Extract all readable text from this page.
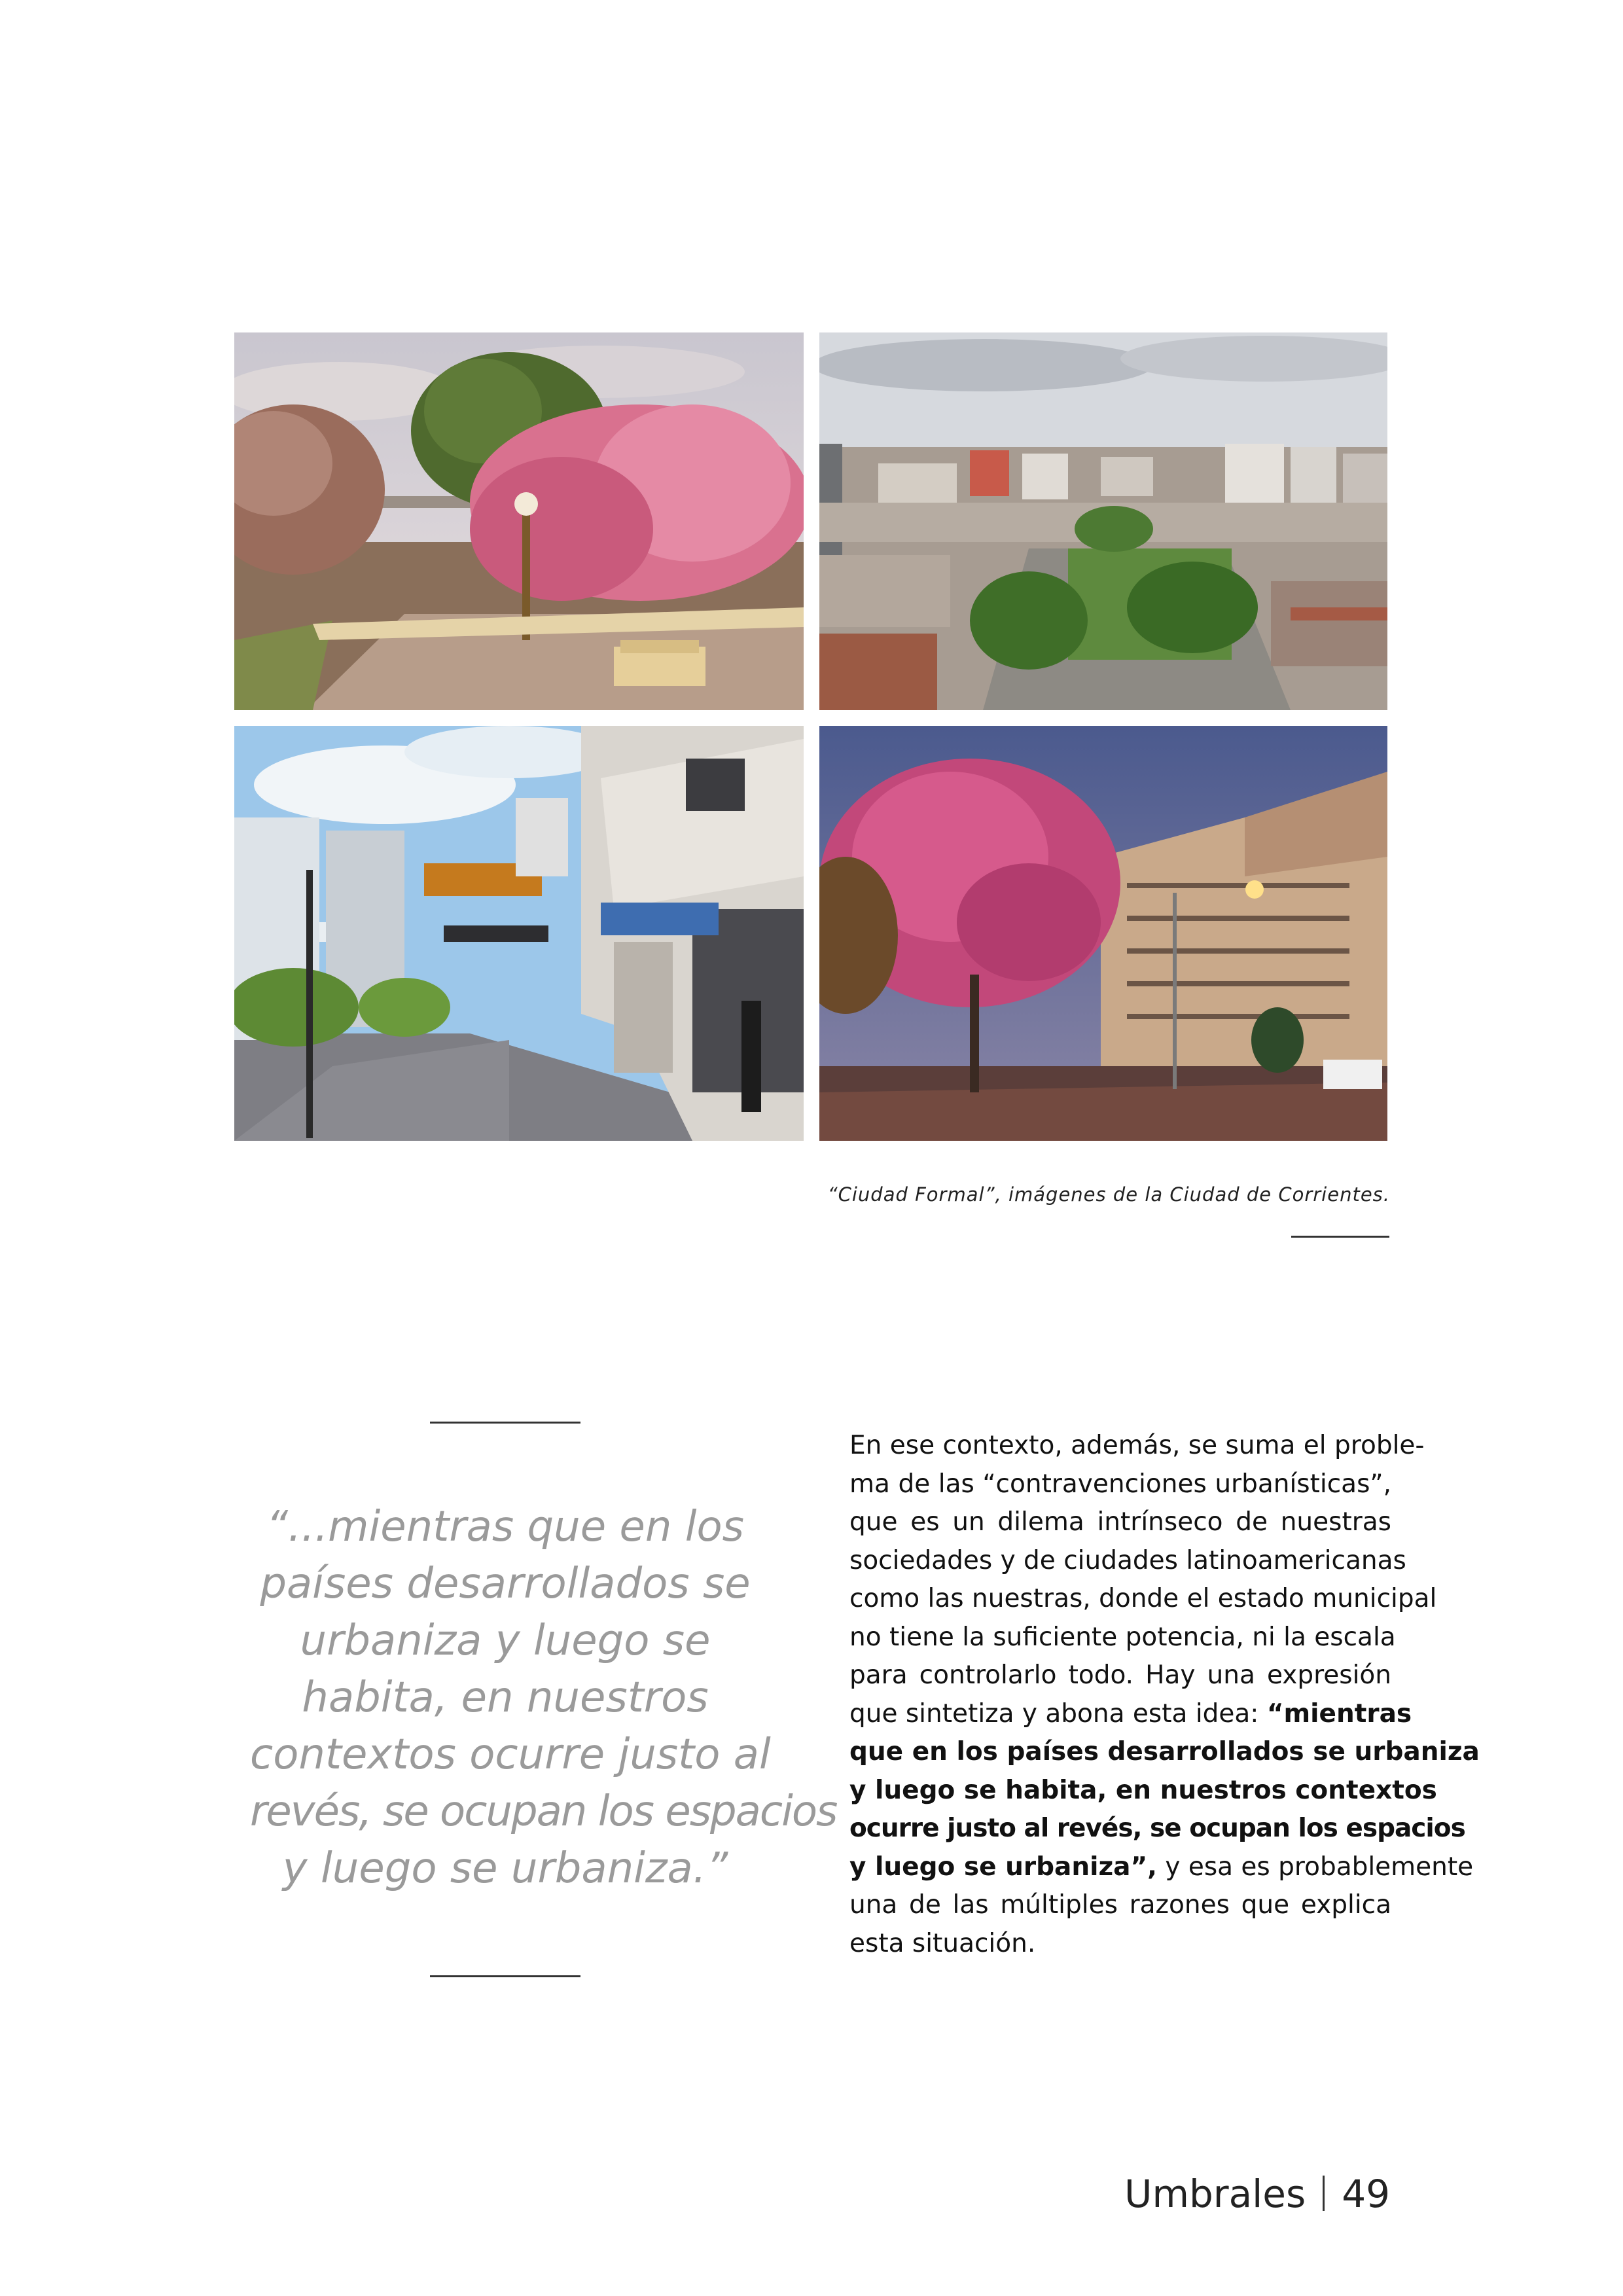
“Ciudad Formal”, imágenes de la Ciudad de Corrientes.
“...mientras que en los
países desarrollados se
urbaniza y luego se
habita, en nuestros
contextos ocurre justo al
revés, se ocupan los espacios
y luego se urbaniza.”
En ese contexto, además, se suma el proble-
ma de las “contravenciones urbanísticas”,
que es un dilema intrínseco de nuestras
sociedades y de ciudades latinoamericanas
como las nuestras, donde el estado municipal
no tiene la suficiente potencia, ni la escala
para controlarlo todo. Hay una expresión
que sintetiza y abona esta idea: “mientras
que en los países desarrollados se urbaniza
y luego se habita, en nuestros contextos
ocurre justo al revés, se ocupan los espacios
y luego se urbaniza”, y esa es probablemente
una de las múltiples razones que explica
esta situación.
Umbrales 49
